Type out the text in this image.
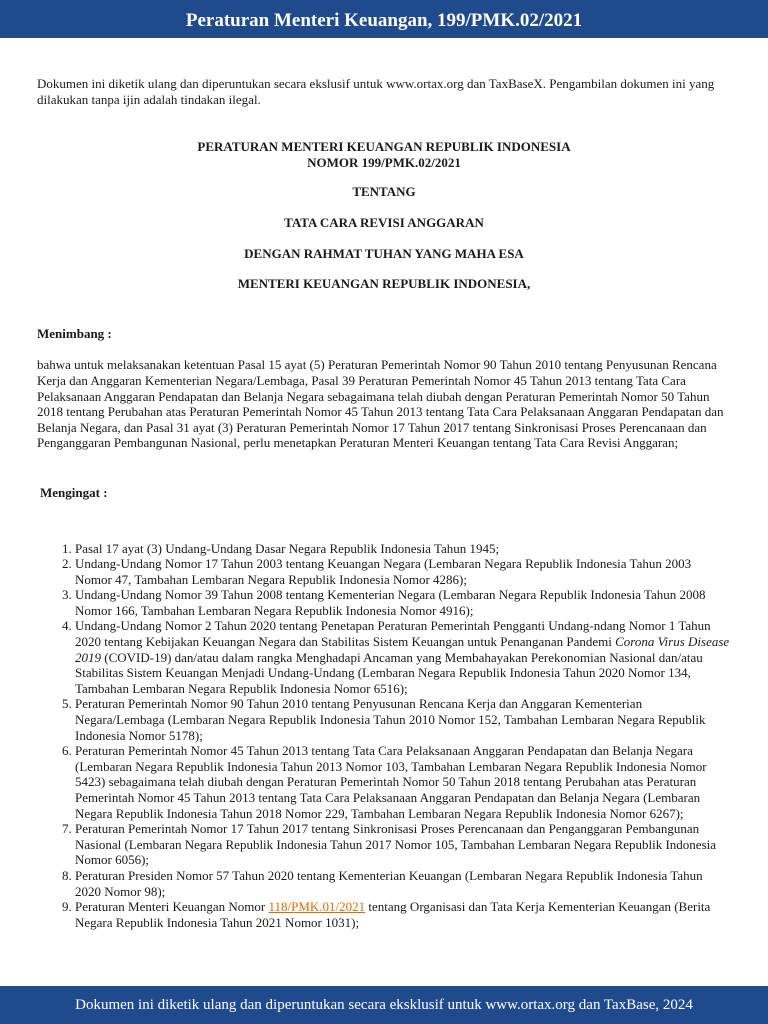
Peraturan Menteri Keuangan, 199/PMK.02/2021

Dokumen ini diketik ulang dan diperuntukan secara ekslusif untuk www.ortax.org dan TaxBaseX. Pengambilan dokumen ini yang dilakukan tanpa ijin adalah tindakan ilegal.

PERATURAN MENTERI KEUANGAN REPUBLIK INDONESIA

NOMOR 199/PMK.02/2021

TENTANG

TATA CARA REVISI ANGGARAN

DENGAN RAHMAT TUHAN YANG MAHA ESA

MENTERI KEUANGAN REPUBLIK INDONESIA,

Menimbang :

bahwa untuk melaksanakan ketentuan Pasal 15 ayat (5) Peraturan Pemerintah Nomor 90 Tahun 2010 tentang Penyusunan Rencana Kerja dan Anggaran Kementerian Negara/Lembaga, Pasal 39 Peraturan Pemerintah Nomor 45 Tahun 2013 tentang Tata Cara Pelaksanaan Anggaran Pendapatan dan Belanja Negara sebagaimana telah diubah dengan Peraturan Pemerintah Nomor 50 Tahun 2018 tentang Perubahan atas Peraturan Pemerintah Nomor 45 Tahun 2013 tentang Tata Cara Pelaksanaan Anggaran Pendapatan dan Belanja Negara, dan Pasal 31 ayat (3) Peraturan Pemerintah Nomor 17 Tahun 2017 tentang Sinkronisasi Proses Perencanaan dan Penganggaran Pembangunan Nasional, perlu menetapkan Peraturan Menteri Keuangan tentang Tata Cara Revisi Anggaran;

Mengingat :

1. Pasal 17 ayat (3) Undang-Undang Dasar Negara Republik Indonesia Tahun 1945;
2. Undang-Undang Nomor 17 Tahun 2003 tentang Keuangan Negara (Lembaran Negara Republik Indonesia Tahun 2003 Nomor 47, Tambahan Lembaran Negara Republik Indonesia Nomor 4286);
3. Undang-Undang Nomor 39 Tahun 2008 tentang Kementerian Negara (Lembaran Negara Republik Indonesia Tahun 2008 Nomor 166, Tambahan Lembaran Negara Republik Indonesia Nomor 4916);
4. Undang-Undang Nomor 2 Tahun 2020 tentang Penetapan Peraturan Pemerintah Pengganti Undang-ndang Nomor 1 Tahun 2020 tentang Kebijakan Keuangan Negara dan Stabilitas Sistem Keuangan untuk Penanganan Pandemi Corona Virus Disease 2019 (COVID-19) dan/atau dalam rangka Menghadapi Ancaman yang Membahayakan Perekonomian Nasional dan/atau Stabilitas Sistem Keuangan Menjadi Undang-Undang (Lembaran Negara Republik Indonesia Tahun 2020 Nomor 134, Tambahan Lembaran Negara Republik Indonesia Nomor 6516);
5. Peraturan Pemerintah Nomor 90 Tahun 2010 tentang Penyusunan Rencana Kerja dan Anggaran Kementerian Negara/Lembaga (Lembaran Negara Republik Indonesia Tahun 2010 Nomor 152, Tambahan Lembaran Negara Republik Indonesia Nomor 5178);
6. Peraturan Pemerintah Nomor 45 Tahun 2013 tentang Tata Cara Pelaksanaan Anggaran Pendapatan dan Belanja Negara (Lembaran Negara Republik Indonesia Tahun 2013 Nomor 103, Tambahan Lembaran Negara Republik Indonesia Nomor 5423) sebagaimana telah diubah dengan Peraturan Pemerintah Nomor 50 Tahun 2018 tentang Perubahan atas Peraturan Pemerintah Nomor 45 Tahun 2013 tentang Tata Cara Pelaksanaan Anggaran Pendapatan dan Belanja Negara (Lembaran Negara Republik Indonesia Tahun 2018 Nomor 229, Tambahan Lembaran Negara Republik Indonesia Nomor 6267);
7. Peraturan Pemerintah Nomor 17 Tahun 2017 tentang Sinkronisasi Proses Perencanaan dan Penganggaran Pembangunan Nasional (Lembaran Negara Republik Indonesia Tahun 2017 Nomor 105, Tambahan Lembaran Negara Republik Indonesia Nomor 6056);
8. Peraturan Presiden Nomor 57 Tahun 2020 tentang Kementerian Keuangan (Lembaran Negara Republik Indonesia Tahun 2020 Nomor 98);
9. Peraturan Menteri Keuangan Nomor 118/PMK.01/2021 tentang Organisasi dan Tata Kerja Kementerian Keuangan (Berita Negara Republik Indonesia Tahun 2021 Nomor 1031);
Dokumen ini diketik ulang dan diperuntukan secara eksklusif untuk www.ortax.org dan TaxBase, 2024
